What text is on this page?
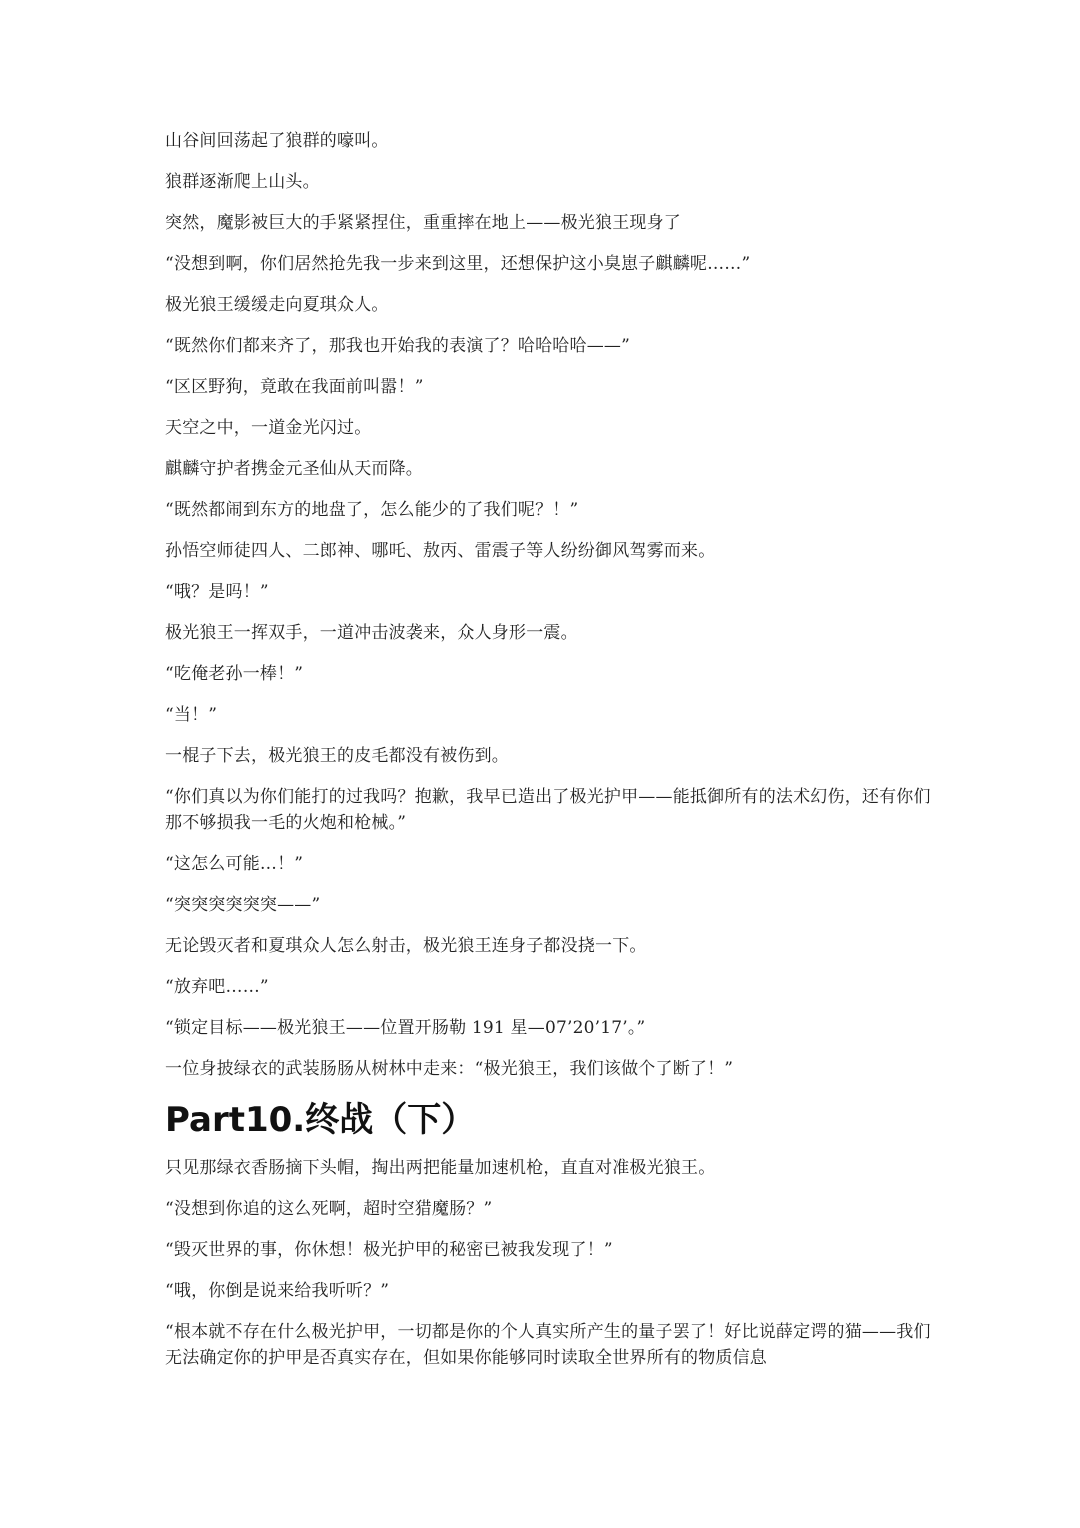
山谷间回荡起了狼群的嚎叫。

狼群逐渐爬上山头。

突然，魔影被巨大的手紧紧捏住，重重摔在地上——极光狼王现身了

“没想到啊，你们居然抢先我一步来到这里，还想保护这小臭崽子麒麟呢……”

极光狼王缓缓走向夏琪众人。

“既然你们都来齐了，那我也开始我的表演了？哈哈哈哈——”

“区区野狗，竟敢在我面前叫嚣！”

天空之中，一道金光闪过。

麒麟守护者携金元圣仙从天而降。

“既然都闹到东方的地盘了，怎么能少的了我们呢？！”

孙悟空师徒四人、二郎神、哪吒、敖丙、雷震子等人纷纷御风驾雾而来。

“哦？是吗！”

极光狼王一挥双手，一道冲击波袭来，众人身形一震。

“吃俺老孙一棒！”

“当！”

一棍子下去，极光狼王的皮毛都没有被伤到。

“你们真以为你们能打的过我吗？抱歉，我早已造出了极光护甲——能抵御所有的法术幻伤，还有你们那不够损我一毛的火炮和枪械。”

“这怎么可能…！”

“突突突突突突——”

无论毁灭者和夏琪众人怎么射击，极光狼王连身子都没挠一下。

“放弃吧……”

“锁定目标——极光狼王——位置开肠勒 191 星—07’20’17’。”

一位身披绿衣的武装肠肠从树林中走来：“极光狼王，我们该做个了断了！”

Part10.终战（下）

只见那绿衣香肠摘下头帽，掏出两把能量加速机枪，直直对准极光狼王。

“没想到你追的这么死啊，超时空猎魔肠？”

“毁灭世界的事，你休想！极光护甲的秘密已被我发现了！”

“哦，你倒是说来给我听听？”

“根本就不存在什么极光护甲，一切都是你的个人真实所产生的量子罢了！好比说薛定谔的猫——我们无法确定你的护甲是否真实存在，但如果你能够同时读取全世界所有的物质信息
